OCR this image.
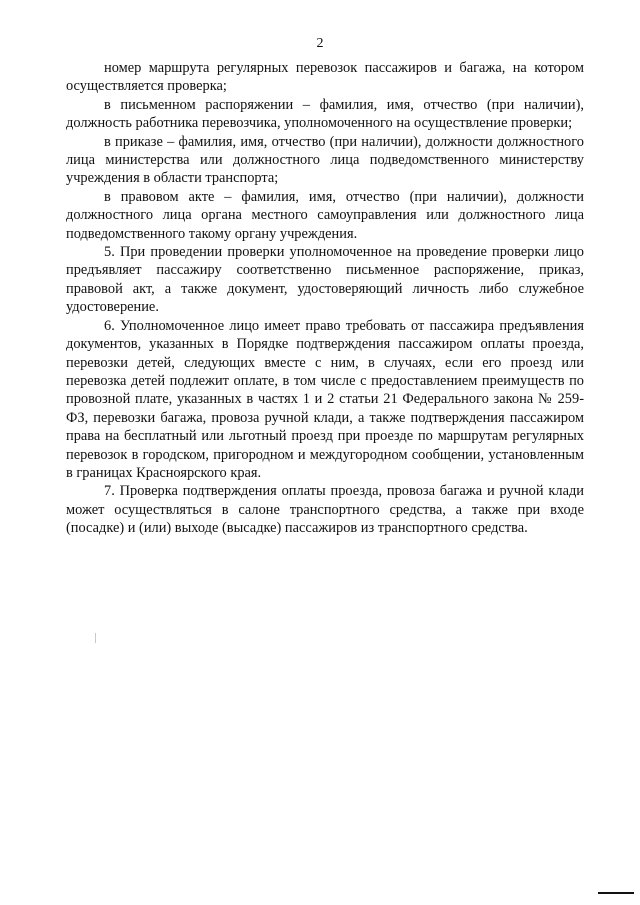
2

номер маршрута регулярных перевозок пассажиров и багажа, на котором осуществляется проверка;

в письменном распоряжении – фамилия, имя, отчество (при наличии), должность работника перевозчика, уполномоченного на осуществление проверки;

в приказе – фамилия, имя, отчество (при наличии), должности должностного лица министерства или должностного лица подведомственного министерству учреждения в области транспорта;

в правовом акте – фамилия, имя, отчество (при наличии), должности должностного лица органа местного самоуправления или должностного лица подведомственного такому органу учреждения.

5. При проведении проверки уполномоченное на проведение проверки лицо предъявляет пассажиру соответственно письменное распоряжение, приказ, правовой акт, а также документ, удостоверяющий личность либо служебное удостоверение.

6. Уполномоченное лицо имеет право требовать от пассажира предъявления документов, указанных в Порядке подтверждения пассажиром оплаты проезда, перевозки детей, следующих вместе с ним, в случаях, если его проезд или перевозка детей подлежит оплате, в том числе с предоставлением преимуществ по провозной плате, указанных в частях 1 и 2 статьи 21 Федерального закона № 259-ФЗ, перевозки багажа, провоза ручной клади, а также подтверждения пассажиром права на бесплатный или льготный проезд при проезде по маршрутам регулярных перевозок в городском, пригородном и междугородном сообщении, установленным в границах Красноярского края.

7. Проверка подтверждения оплаты проезда, провоза багажа и ручной клади может осуществляться в салоне транспортного средства, а также при входе (посадке) и (или) выходе (высадке) пассажиров из транспортного средства.
